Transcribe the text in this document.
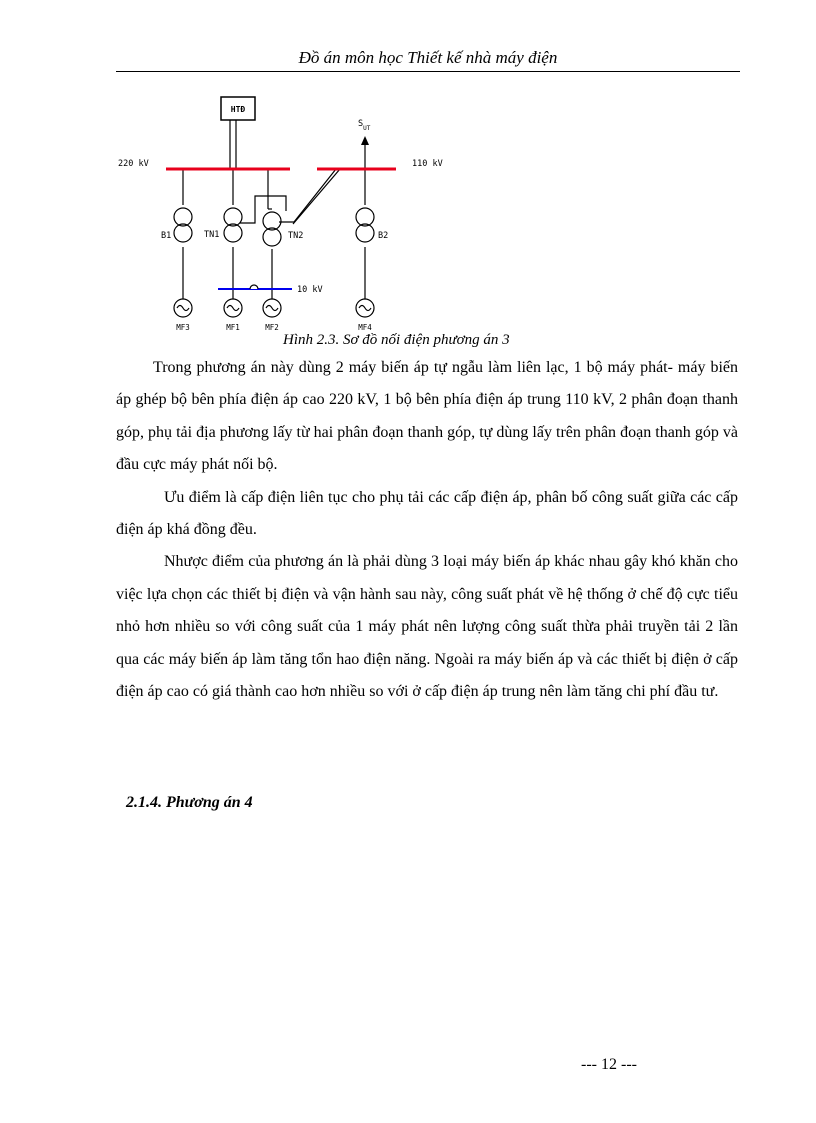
Đồ án môn học Thiết kế nhà máy điện
HTĐ
$S_{UT}$
220 kV	110 kV
10 kV
B1	TN1	TN2	B2
MF3	MF1	MF2	MF4
Hình 2.3. Sơ đồ nối điện phương án 3

Trong phương án này dùng 2 máy biến áp tự ngẫu làm liên lạc, 1 bộ máy phát- máy biến áp ghép bộ bên phía điện áp cao 220 kV, 1 bộ bên phía điện áp trung 110 kV, 2 phân đoạn thanh góp, phụ tải địa phương lấy từ hai phân đoạn thanh góp, tự dùng lấy trên phân đoạn thanh góp và đầu cực máy phát nối bộ.

Ưu điểm là cấp điện liên tục cho phụ tải các cấp điện áp, phân bố công suất giữa các cấp điện áp khá đồng đều.

Nhược điểm của phương án là phải dùng 3 loại máy biến áp khác nhau gây khó khăn cho việc lựa chọn các thiết bị điện và vận hành sau này, công suất phát về hệ thống ở chế độ cực tiểu nhỏ hơn nhiều so với công suất của 1 máy phát nên lượng công suất thừa phải truyền tải 2 lần qua các máy biến áp làm tăng tổn hao điện năng. Ngoài ra máy biến áp và các thiết bị điện ở cấp điện áp cao có giá thành cao hơn nhiều so với ở cấp điện áp trung nên làm tăng chi phí đầu tư.

2.1.4. Phương án 4
--- 12 ---
